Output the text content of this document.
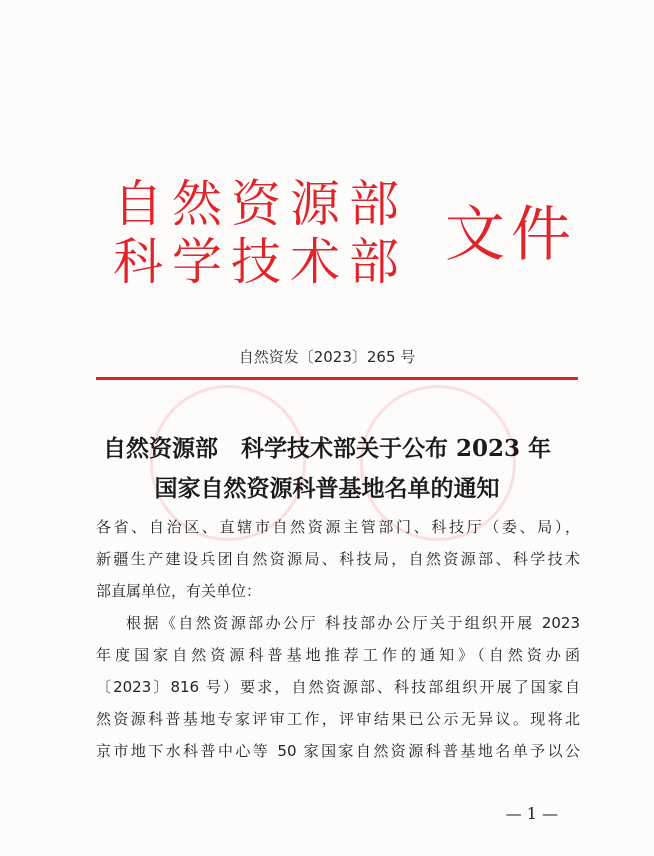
自然资源部
科学技术部 文件
自然资发〔2023〕265 号
自然资源部　科学技术部关于公布 2023 年
国家自然资源科普基地名单的通知
各省、自治区、直辖市自然资源主管部门、科技厅（委、局），
新疆生产建设兵团自然资源局、科技局，自然资源部、科学技术
部直属单位，有关单位：
根据《自然资源部办公厅 科技部办公厅关于组织开展 2023
年度国家自然资源科普基地推荐工作的通知》（自然资办函
〔2023〕816 号）要求，自然资源部、科技部组织开展了国家自
然资源科普基地专家评审工作，评审结果已公示无异议。现将北
京市地下水科普中心等 50 家国家自然资源科普基地名单予以公
— 1 —
